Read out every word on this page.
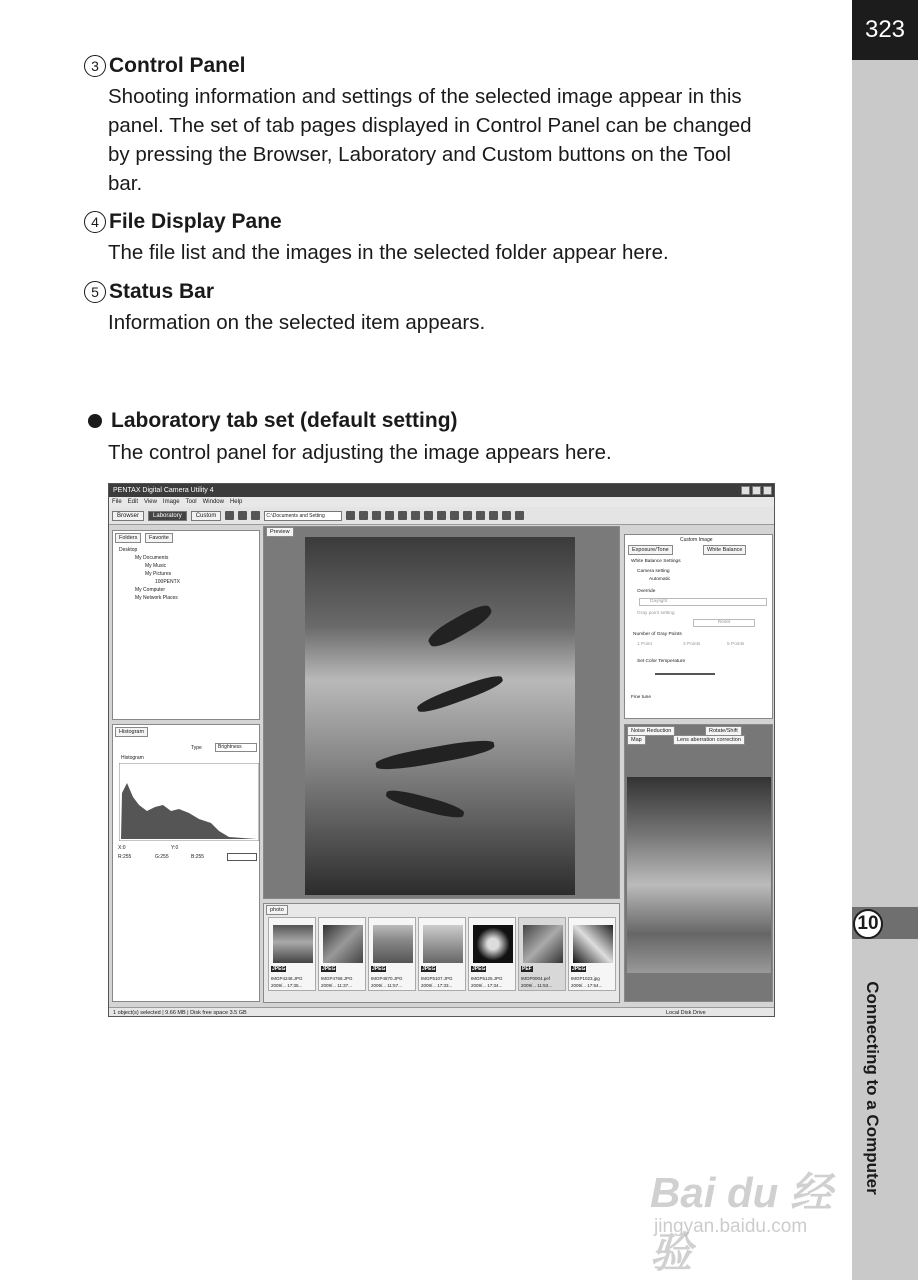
323
10
Connecting to a Computer
3 Control Panel
Shooting information and settings of the selected image appear in this
panel. The set of tab pages displayed in Control Panel can be changed
by pressing the Browser, Laboratory and Custom buttons on the Tool
bar.
4 File Display Pane
The file list and the images in the selected folder appear here.
5 Status Bar
Information on the selected item appears.
Laboratory tab set (default setting)
The control panel for adjusting the image appears here.
PENTAX Digital Camera Utility 4
File Edit View Image Tool Window Help
Browser	Laboratory	Custom	C:\Documents and Setting
Folders	Favorite
Desktop
My Documents
My Music
My Pictures
100PENTX
My Computer
My Network Places
Histogram
Type	Brightness
Histogram
X:0	Y:0
R:255	G:255	B:255
Preview
photo
JPEG
IMGP4248.JPG
2009/... 17:35...
JPEG
IMGP4768.JPG
2009/... 11:37...
JPEG
IMGP4870.JPG
2009/... 11:57...
JPEG
IMGP5107.JPG
2009/... 17:33...
JPEG
IMGP5125.JPG
2009/... 17:34...
PEF
IMGP0004.pef
2009/... 11:53...
JPEG
IMGP1023.jpg
2009/... 17:54...
Custom Image
Exposure/Tone	White Balance
White Balance Settings
Camera setting
Automatic
Override
Daylight
Gray point setting
Reset
Number of Gray Points
1 Point	3 Points	5 Points
Set Color Temperature
Fine tune
Noise Reduction	Rotate/Shift
Map	Lens aberration correction
1 object(s) selected | 9.66 MB | Disk free space 3.5 GB	Local Disk Drive
Bai du 经验
jingyan.baidu.com
